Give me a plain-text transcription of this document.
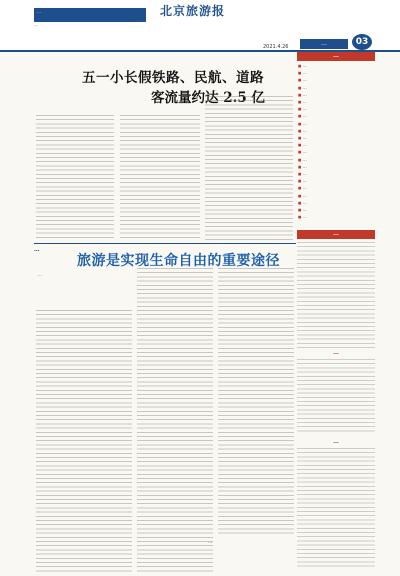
…
…
北京旅游报
…
2021.4.26	…	03
五一小长假铁路、民航、道路
客流量约达 2.5 亿
…
旅游是实现生命自由的重要途径
…
…
…
■ …
■ …
■ …
■ …
■ …
■ …
■ …
■ …
■ …
■ …
■ …
■ …
■ …
■ …
■ …
■ …
■ …
■ …
■ …
■ …
■ …
■ …
…
…
…
